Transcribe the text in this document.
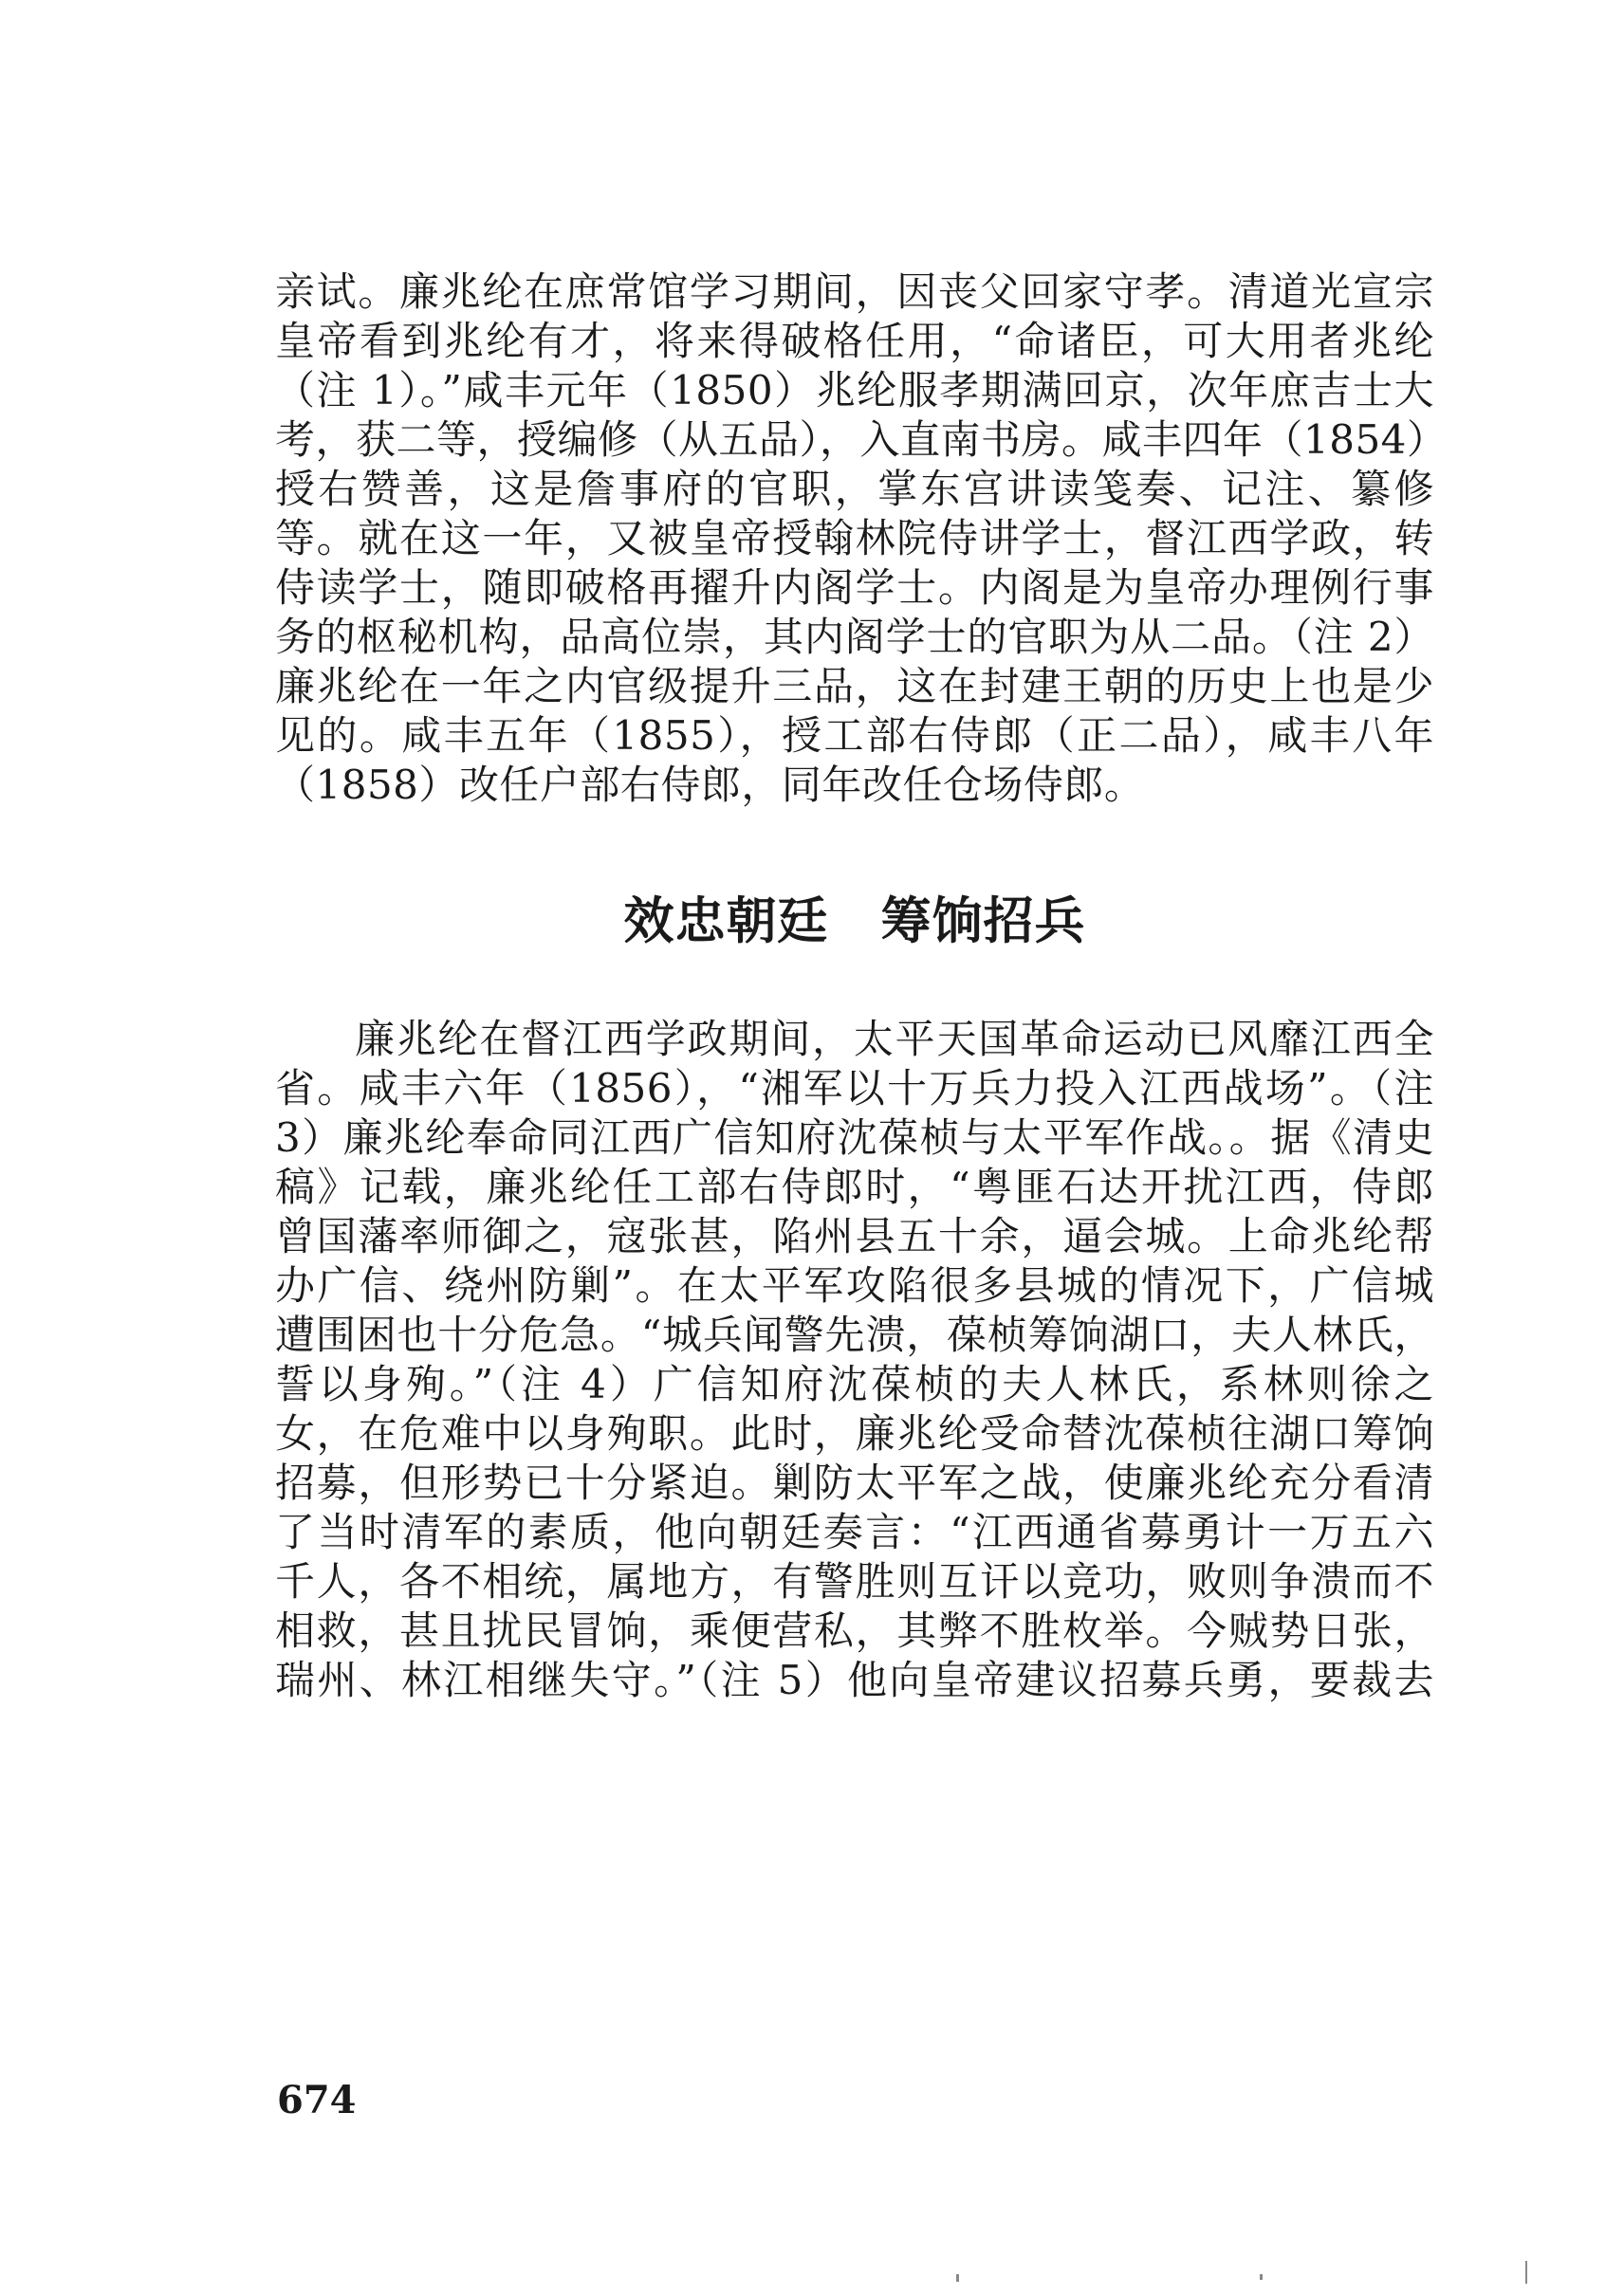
亲试。廉兆纶在庶常馆学习期间，因丧父回家守孝。清道光宣宗
皇帝看到兆纶有才，将来得破格任用，“命诸臣，可大用者兆纶
（注 1）。”咸丰元年（1850）兆纶服孝期满回京，次年庶吉士大
考，获二等，授编修（从五品），入直南书房。咸丰四年（1854）
授右赞善，这是詹事府的官职，掌东宫讲读笺奏、记注、纂修
等。就在这一年，又被皇帝授翰林院侍讲学士，督江西学政，转
侍读学士，随即破格再擢升内阁学士。内阁是为皇帝办理例行事
务的枢秘机构，品高位崇，其内阁学士的官职为从二品。（注 2）
廉兆纶在一年之内官级提升三品，这在封建王朝的历史上也是少
见的。咸丰五年（1855），授工部右侍郎（正二品），咸丰八年
（1858）改任户部右侍郎，同年改任仓场侍郎。
效忠朝廷 筹饷招兵
廉兆纶在督江西学政期间，太平天国革命运动已风靡江西全
省。咸丰六年（1856），“湘军以十万兵力投入江西战场”。（注
3）廉兆纶奉命同江西广信知府沈葆桢与太平军作战。。据《清史
稿》记载，廉兆纶任工部右侍郎时，“粤匪石达开扰江西，侍郎
曾国藩率师御之，寇张甚，陷州县五十余，逼会城。上命兆纶帮
办广信、绕州防剿”。在太平军攻陷很多县城的情况下，广信城
遭围困也十分危急。“城兵闻警先溃，葆桢筹饷湖口，夫人林氏，
誓以身殉。”（注 4）广信知府沈葆桢的夫人林氏，系林则徐之
女，在危难中以身殉职。此时，廉兆纶受命替沈葆桢往湖口筹饷
招募，但形势已十分紧迫。剿防太平军之战，使廉兆纶充分看清
了当时清军的素质，他向朝廷奏言：“江西通省募勇计一万五六
千人，各不相统，属地方，有警胜则互讦以竞功，败则争溃而不
相救，甚且扰民冒饷，乘便营私，其弊不胜枚举。今贼势日张，
瑞州、林江相继失守。”（注 5）他向皇帝建议招募兵勇，要裁去
674
